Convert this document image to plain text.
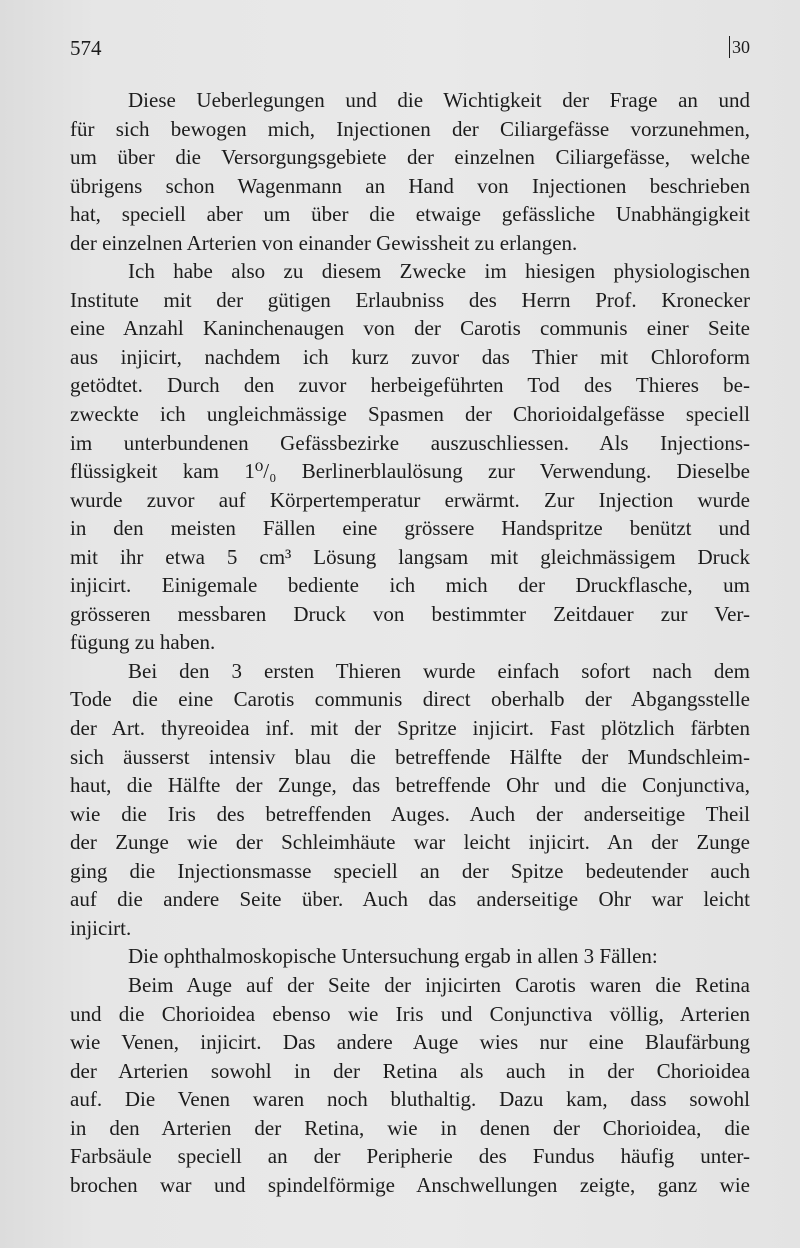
574	30
Diese Ueberlegungen und die Wichtigkeit der Frage an und
für sich bewogen mich, Injectionen der Ciliargefässe vorzunehmen,
um über die Versorgungsgebiete der einzelnen Ciliargefässe, welche
übrigens schon Wagenmann an Hand von Injectionen beschrieben
hat, speciell aber um über die etwaige gefässliche Unabhängigkeit
der einzelnen Arterien von einander Gewissheit zu erlangen.
Ich habe also zu diesem Zwecke im hiesigen physiologischen
Institute mit der gütigen Erlaubniss des Herrn Prof. Kronecker
eine Anzahl Kaninchenaugen von der Carotis communis einer Seite
aus injicirt, nachdem ich kurz zuvor das Thier mit Chloroform
getödtet. Durch den zuvor herbeigeführten Tod des Thieres be-
zweckte ich ungleichmässige Spasmen der Chorioidalgefässe speciell
im unterbundenen Gefässbezirke auszuschliessen. Als Injections-
flüssigkeit kam 1⁰/₀ Berlinerblaulösung zur Verwendung. Dieselbe
wurde zuvor auf Körpertemperatur erwärmt. Zur Injection wurde
in den meisten Fällen eine grössere Handspritze benützt und
mit ihr etwa 5 cm³ Lösung langsam mit gleichmässigem Druck
injicirt. Einigemale bediente ich mich der Druckflasche, um
grösseren messbaren Druck von bestimmter Zeitdauer zur Ver-
fügung zu haben.
Bei den 3 ersten Thieren wurde einfach sofort nach dem
Tode die eine Carotis communis direct oberhalb der Abgangsstelle
der Art. thyreoidea inf. mit der Spritze injicirt. Fast plötzlich färbten
sich äusserst intensiv blau die betreffende Hälfte der Mundschleim-
haut, die Hälfte der Zunge, das betreffende Ohr und die Conjunctiva,
wie die Iris des betreffenden Auges. Auch der anderseitige Theil
der Zunge wie der Schleimhäute war leicht injicirt. An der Zunge
ging die Injectionsmasse speciell an der Spitze bedeutender auch
auf die andere Seite über. Auch das anderseitige Ohr war leicht
injicirt.
Die ophthalmoskopische Untersuchung ergab in allen 3 Fällen:
Beim Auge auf der Seite der injicirten Carotis waren die Retina
und die Chorioidea ebenso wie Iris und Conjunctiva völlig, Arterien
wie Venen, injicirt. Das andere Auge wies nur eine Blaufärbung
der Arterien sowohl in der Retina als auch in der Chorioidea
auf. Die Venen waren noch bluthaltig. Dazu kam, dass sowohl
in den Arterien der Retina, wie in denen der Chorioidea, die
Farbsäule speciell an der Peripherie des Fundus häufig unter-
brochen war und spindelförmige Anschwellungen zeigte, ganz wie
